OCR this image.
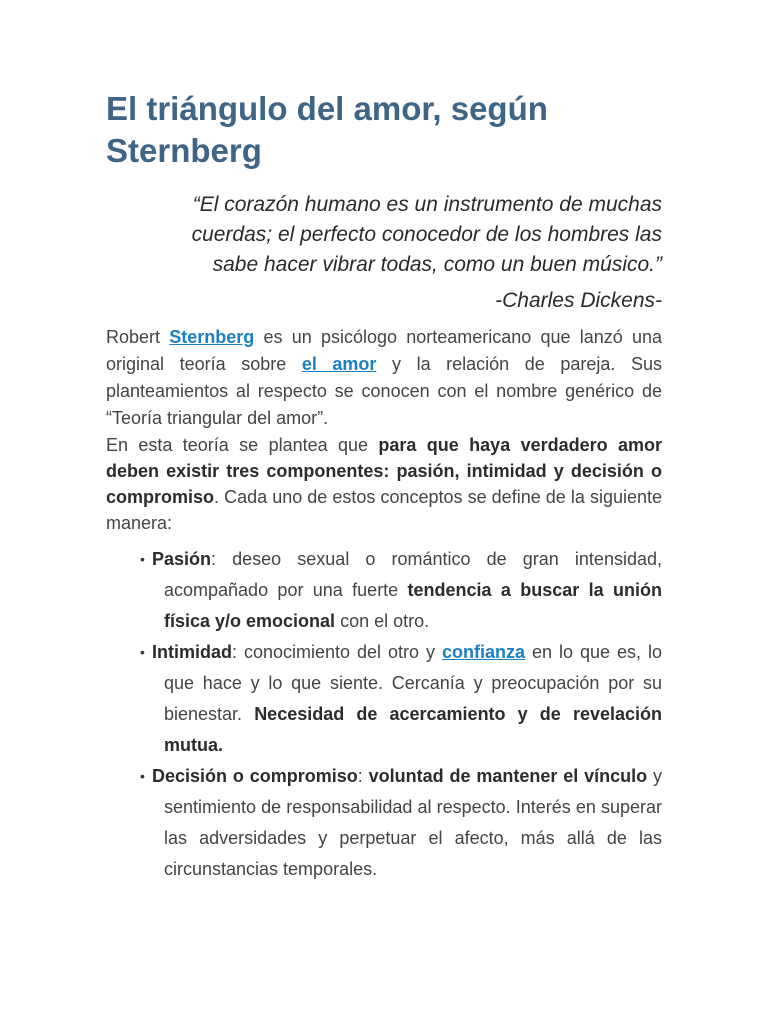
El triángulo del amor, según Sternberg
“El corazón humano es un instrumento de muchas cuerdas; el perfecto conocedor de los hombres las sabe hacer vibrar todas, como un buen músico.”
-Charles Dickens-
Robert Sternberg es un psicólogo norteamericano que lanzó una original teoría sobre el amor y la relación de pareja. Sus planteamientos al respecto se conocen con el nombre genérico de “Teoría triangular del amor”.
En esta teoría se plantea que para que haya verdadero amor deben existir tres componentes: pasión, intimidad y decisión o compromiso. Cada uno de estos conceptos se define de la siguiente manera:
• Pasión: deseo sexual o romántico de gran intensidad, acompañado por una fuerte tendencia a buscar la unión física y/o emocional con el otro.
• Intimidad: conocimiento del otro y confianza en lo que es, lo que hace y lo que siente. Cercanía y preocupación por su bienestar. Necesidad de acercamiento y de revelación mutua.
• Decisión o compromiso: voluntad de mantener el vínculo y sentimiento de responsabilidad al respecto. Interés en superar las adversidades y perpetuar el afecto, más allá de las circunstancias temporales.
